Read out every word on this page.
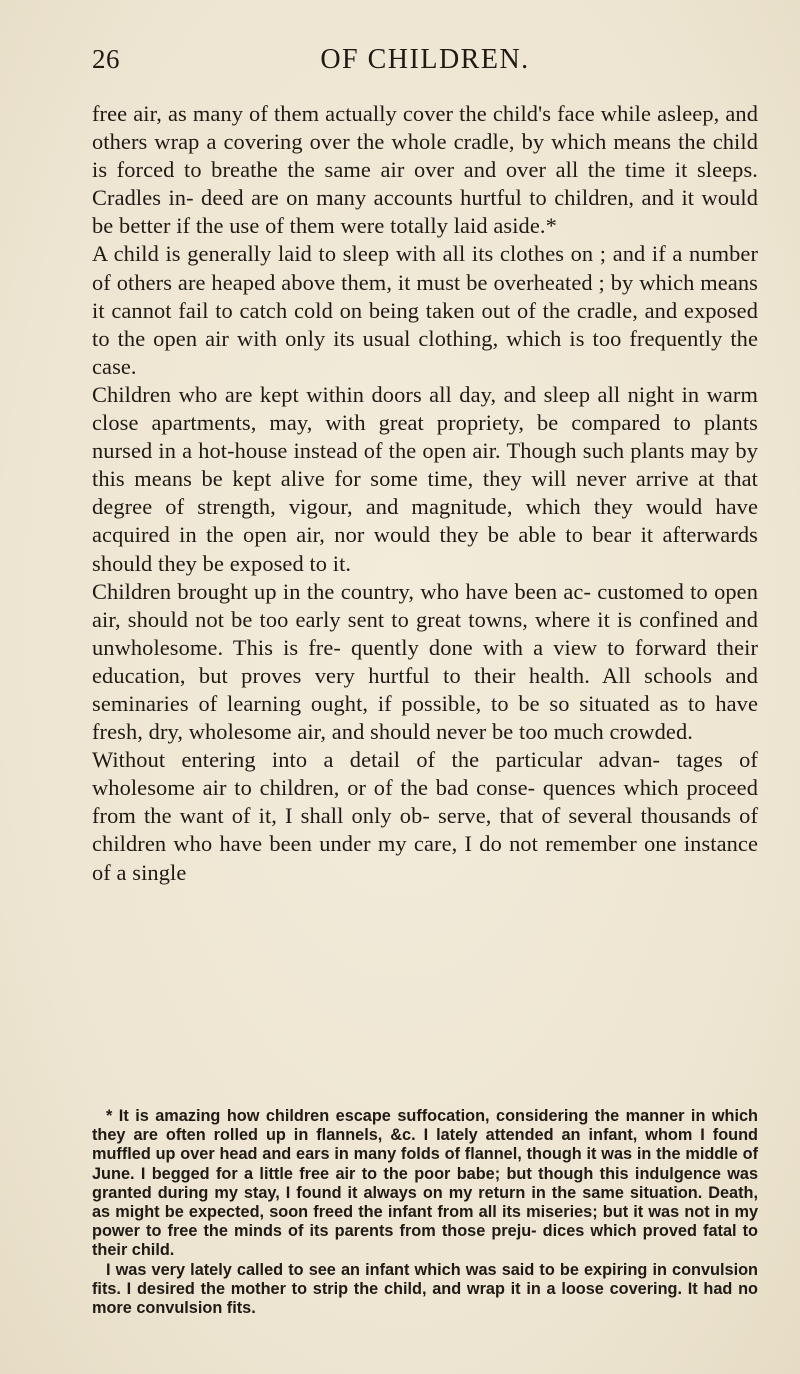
26	OF CHILDREN.

free air, as many of them actually cover the child's face while asleep, and others wrap a covering over the whole cradle, by which means the child is forced to breathe the same air over and over all the time it sleeps. Cradles in- deed are on many accounts hurtful to children, and it would be better if the use of them were totally laid aside.*

A child is generally laid to sleep with all its clothes on ; and if a number of others are heaped above them, it must be overheated ; by which means it cannot fail to catch cold on being taken out of the cradle, and exposed to the open air with only its usual clothing, which is too frequently the case.

Children who are kept within doors all day, and sleep all night in warm close apartments, may, with great propriety, be compared to plants nursed in a hot-house instead of the open air. Though such plants may by this means be kept alive for some time, they will never arrive at that degree of strength, vigour, and magnitude, which they would have acquired in the open air, nor would they be able to bear it afterwards should they be exposed to it.

Children brought up in the country, who have been ac- customed to open air, should not be too early sent to great towns, where it is confined and unwholesome. This is fre- quently done with a view to forward their education, but proves very hurtful to their health. All schools and seminaries of learning ought, if possible, to be so situated as to have fresh, dry, wholesome air, and should never be too much crowded.

Without entering into a detail of the particular advan- tages of wholesome air to children, or of the bad conse- quences which proceed from the want of it, I shall only ob- serve, that of several thousands of children who have been under my care, I do not remember one instance of a single

* It is amazing how children escape suffocation, considering the manner in which they are often rolled up in flannels, &c. I lately attended an infant, whom I found muffled up over head and ears in many folds of flannel, though it was in the middle of June. I begged for a little free air to the poor babe; but though this indulgence was granted during my stay, I found it always on my return in the same situation. Death, as might be expected, soon freed the infant from all its miseries; but it was not in my power to free the minds of its parents from those preju- dices which proved fatal to their child.

I was very lately called to see an infant which was said to be expiring in convulsion fits. I desired the mother to strip the child, and wrap it in a loose covering. It had no more convulsion fits.
